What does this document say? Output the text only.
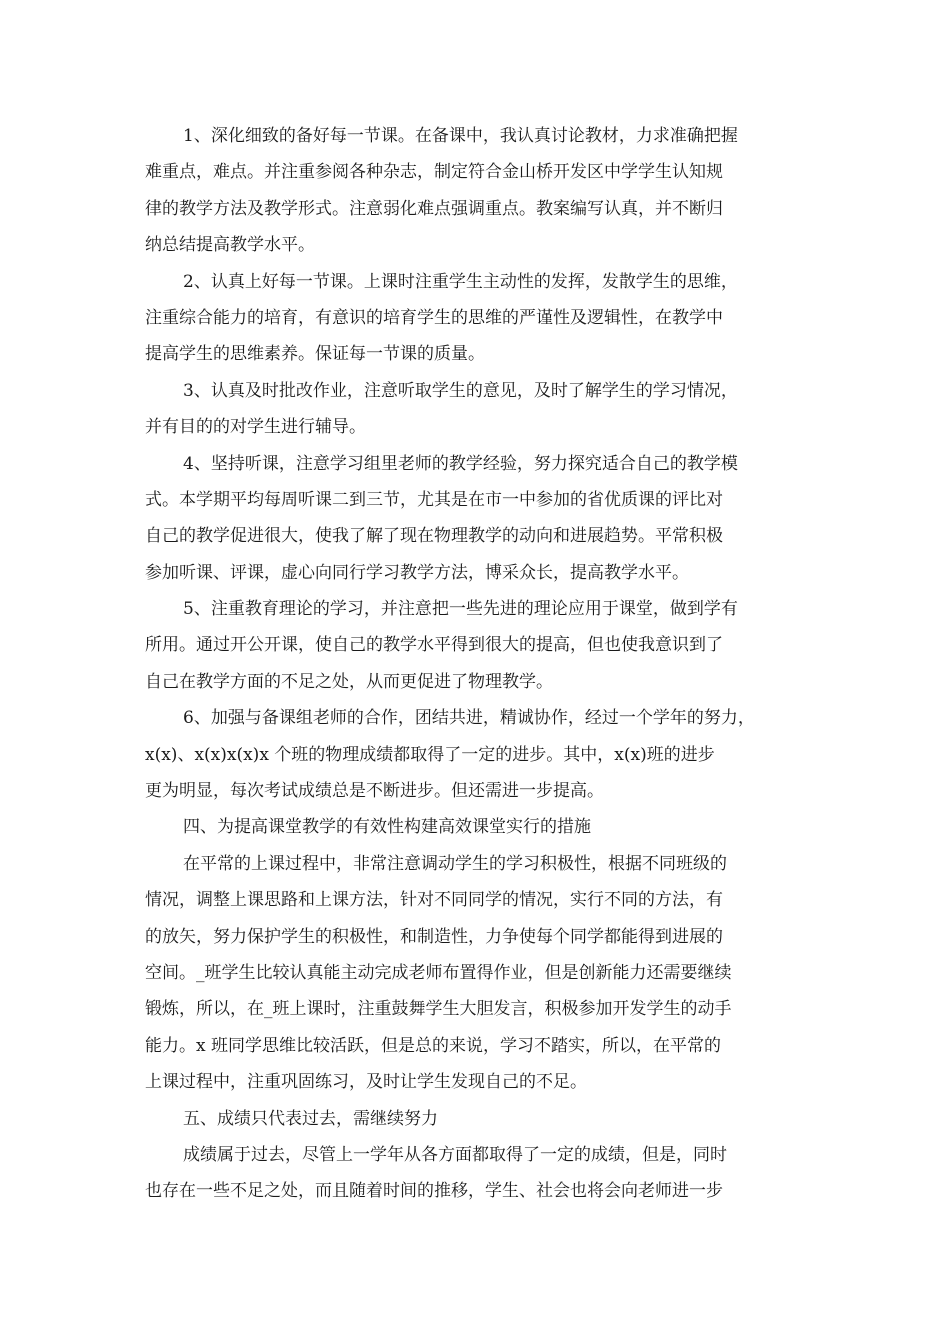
1、深化细致的备好每一节课。在备课中，我认真讨论教材，力求准确把握
难重点，难点。并注重参阅各种杂志，制定符合金山桥开发区中学学生认知规
律的教学方法及教学形式。注意弱化难点强调重点。教案编写认真，并不断归
纳总结提高教学水平。
2、认真上好每一节课。上课时注重学生主动性的发挥，发散学生的思维，
注重综合能力的培育，有意识的培育学生的思维的严谨性及逻辑性，在教学中
提高学生的思维素养。保证每一节课的质量。
3、认真及时批改作业，注意听取学生的意见，及时了解学生的学习情况，
并有目的的对学生进行辅导。
4、坚持听课，注意学习组里老师的教学经验，努力探究适合自己的教学模
式。本学期平均每周听课二到三节，尤其是在市一中参加的省优质课的评比对
自己的教学促进很大，使我了解了现在物理教学的动向和进展趋势。平常积极
参加听课、评课，虚心向同行学习教学方法，博采众长，提高教学水平。
5、注重教育理论的学习，并注意把一些先进的理论应用于课堂，做到学有
所用。通过开公开课，使自己的教学水平得到很大的提高，但也使我意识到了
自己在教学方面的不足之处，从而更促进了物理教学。
6、加强与备课组老师的合作，团结共进，精诚协作，经过一个学年的努力，
x(x)、x(x)x(x)x 个班的物理成绩都取得了一定的进步。其中，x(x)班的进步
更为明显，每次考试成绩总是不断进步。但还需进一步提高。
四、为提高课堂教学的有效性构建高效课堂实行的措施
在平常的上课过程中，非常注意调动学生的学习积极性，根据不同班级的
情况，调整上课思路和上课方法，针对不同同学的情况，实行不同的方法，有
的放矢，努力保护学生的积极性，和制造性，力争使每个同学都能得到进展的
空间。_班学生比较认真能主动完成老师布置得作业，但是创新能力还需要继续
锻炼，所以，在_班上课时，注重鼓舞学生大胆发言，积极参加开发学生的动手
能力。x 班同学思维比较活跃，但是总的来说，学习不踏实，所以，在平常的
上课过程中，注重巩固练习，及时让学生发现自己的不足。
五、成绩只代表过去，需继续努力
成绩属于过去，尽管上一学年从各方面都取得了一定的成绩，但是，同时
也存在一些不足之处，而且随着时间的推移，学生、社会也将会向老师进一步
